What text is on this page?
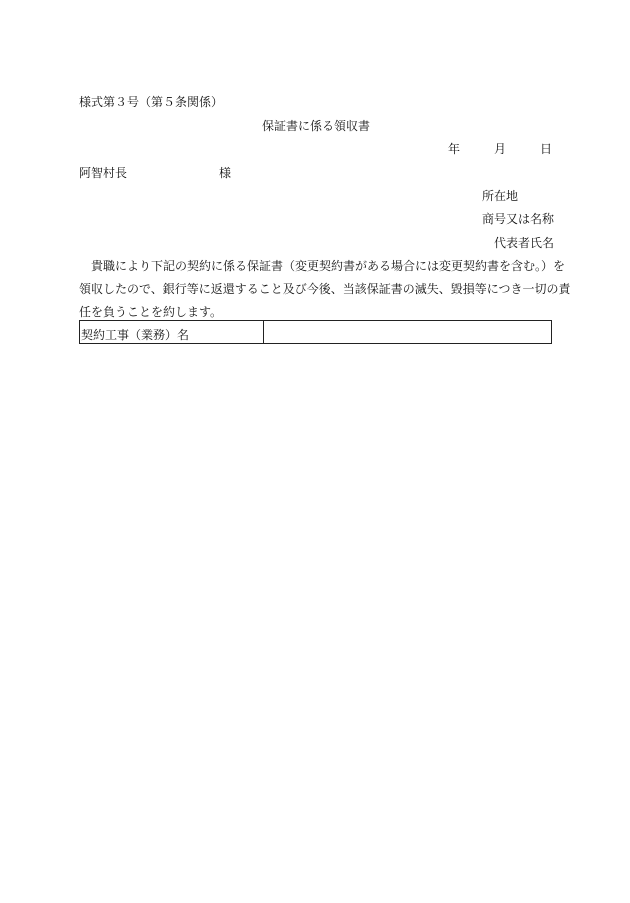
様式第３号（第５条関係）
保証書に係る領収書
年	月	日
阿智村長	様
所在地
商号又は名称
代表者氏名
貴職により下記の契約に係る保証書（変更契約書がある場合には変更契約書を含む。）を
領収したので、銀行等に返還すること及び今後、当該保証書の滅失、毀損等につき一切の責
任を負うことを約します。
契約工事（業務）名	
